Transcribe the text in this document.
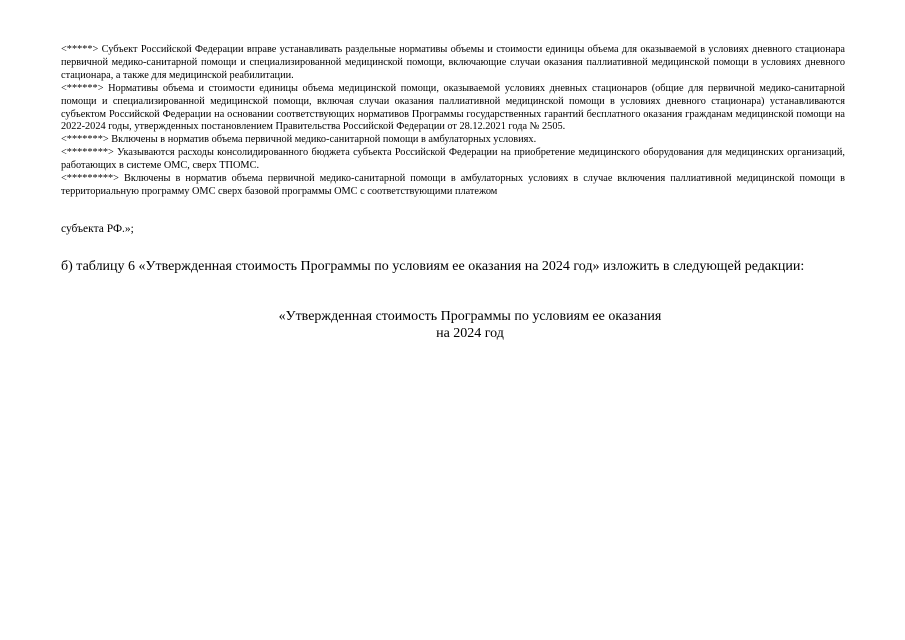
<*****> Субъект Российской Федерации вправе устанавливать раздельные нормативы объемы и стоимости единицы объема для оказываемой в условиях дневного стационара первичной медико-санитарной помощи и специализированной медицинской помощи, включающие случаи оказания паллиативной медицинской помощи в условиях дневного стационара, а также для медицинской реабилитации.

<******> Нормативы объема и стоимости единицы объема медицинской помощи, оказываемой условиях дневных стационаров (общие для первичной медико-санитарной помощи и специализированной медицинской помощи, включая случаи оказания паллиативной медицинской помощи в условиях дневного стационара) устанавливаются субъектом Российской Федерации на основании соответствующих нормативов Программы государственных гарантий бесплатного оказания гражданам медицинской помощи на 2022-2024 годы, утвержденных постановлением Правительства Российской Федерации от 28.12.2021 года № 2505.

<*******> Включены в норматив объема первичной медико-санитарной помощи в амбулаторных условиях.

<********> Указываются расходы консолидированного бюджета субъекта Российской Федерации на приобретение медицинского оборудования для медицинских организаций, работающих в системе ОМС, сверх ТПОМС.

<*********> Включены в норматив объема первичной медико-санитарной помощи в амбулаторных условиях в случае включения паллиативной медицинской помощи в территориальную программу ОМС сверх базовой программы ОМС с соответствующими платежом

субъекта РФ.»;

б) таблицу 6 «Утвержденная стоимость Программы по условиям ее оказания на 2024 год» изложить в следующей редакции:

«Утвержденная стоимость Программы по условиям ее оказания
на 2024 год
